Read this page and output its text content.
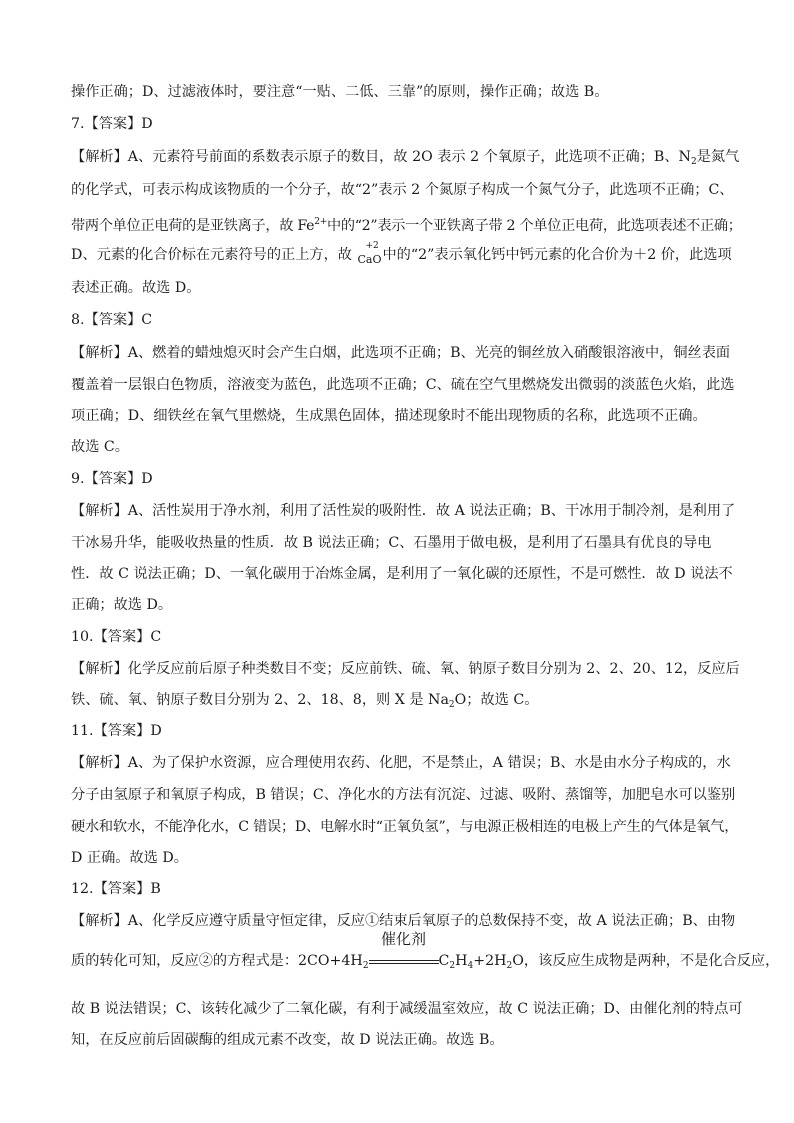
操作正确；D、过滤液体时，要注意“一贴、二低、三靠”的原则，操作正确；故选 B。
7.【答案】D
【解析】A、元素符号前面的系数表示原子的数目，故 2O 表示 2 个氧原子，此选项不正确；B、$N_2$是氮气
的化学式，可表示构成该物质的一个分子，故“2”表示 2 个氮原子构成一个氮气分子，此选项不正确；C、
带两个单位正电荷的是亚铁离子，故 $Fe^{2+}$中的“2”表示一个亚铁离子带 2 个单位正电荷，此选项表述不正确；
D、元素的化合价标在元素符号的正上方，故
+2
CaO中的“2”表示氧化钙中钙元素的化合价为＋2 价，此选项
表述正确。故选 D。
8.【答案】C
【解析】A、燃着的蜡烛熄灭时会产生白烟，此选项不正确；B、光亮的铜丝放入硝酸银溶液中，铜丝表面
覆盖着一层银白色物质，溶液变为蓝色，此选项不正确；C、硫在空气里燃烧发出微弱的淡蓝色火焰，此选
项正确；D、细铁丝在氧气里燃烧，生成黑色固体，描述现象时不能出现物质的名称，此选项不正确。
故选 C。
9.【答案】D
【解析】A、活性炭用于净水剂，利用了活性炭的吸附性．故 A 说法正确；B、干冰用于制冷剂，是利用了
干冰易升华，能吸收热量的性质．故 B 说法正确；C、石墨用于做电极，是利用了石墨具有优良的导电
性．故 C 说法正确；D、一氧化碳用于冶炼金属，是利用了一氧化碳的还原性，不是可燃性．故 D 说法不
正确；故选 D。
10.【答案】C
【解析】化学反应前后原子种类数目不变；反应前铁、硫、氧、钠原子数目分别为 2、2、20、12，反应后
铁、硫、氧、钠原子数目分别为 2、2、18、8，则 X 是 $Na_2O$；故选 C。
11.【答案】D
【解析】A、为了保护水资源，应合理使用农药、化肥，不是禁止，A 错误；B、水是由水分子构成的，水
分子由氢原子和氧原子构成，B 错误；C、净化水的方法有沉淀、过滤、吸附、蒸馏等，加肥皂水可以鉴别
硬水和软水，不能净化水，C 错误；D、电解水时“正氧负氢”，与电源正极相连的电极上产生的气体是氧气，
D 正确。故选 D。
12.【答案】B
【解析】A、化学反应遵守质量守恒定律，反应①结束后氧原子的总数保持不变，故 A 说法正确；B、由物
质的转化可知，反应②的方程式是：$2CO+4H_2$
催化剂
$C_2H_4+2H_2O$，该反应生成物是两种，不是化合反应，
故 B 说法错误；C、该转化减少了二氧化碳，有利于减缓温室效应，故 C 说法正确；D、由催化剂的特点可
知，在反应前后固碳酶的组成元素不改变，故 D 说法正确。故选 B。
